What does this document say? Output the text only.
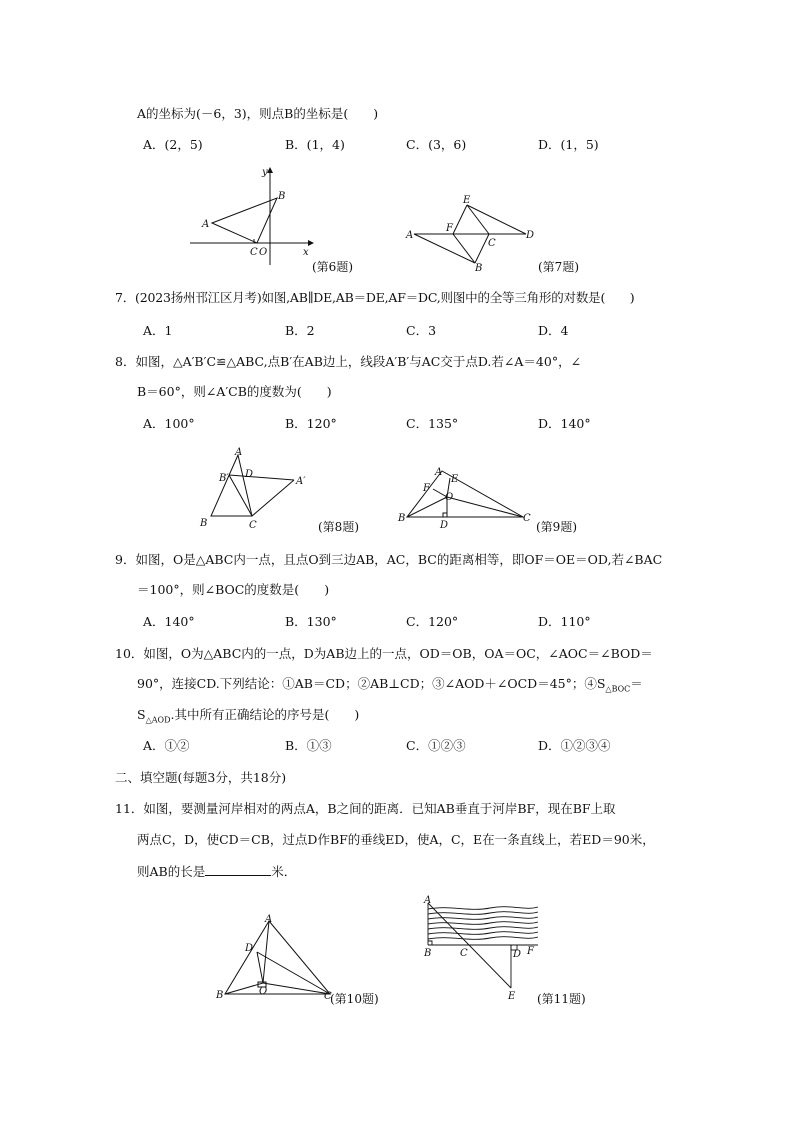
A的坐标为(－6，3)，则点B的坐标是(　　)
A．(2，5)	B．(1，4)	C．(3，6)	D．(1，5)
y
x
A
B
C O
(第6题)
A
B
C
D
E
F
(第7题)
7．(2023扬州邗江区月考)如图,AB∥DE,AB＝DE,AF＝DC,则图中的全等三角形的对数是(　　)
A．1	B．2	C．3	D．4
8．如图，△A′B′C≌△ABC,点B′在AB边上，线段A′B′与AC交于点D.若∠A＝40°，∠
B＝60°，则∠A′CB的度数为(　　)
A．100°	B．120°	C．135°	D．140°
A
B′ D
A′
B	C	(第8题)
A
E
F
O
B
D
C
(第9题)
9．如图，O是△ABC内一点，且点O到三边AB，AC，BC的距离相等，即OF＝OE＝OD,若∠BAC
＝100°，则∠BOC的度数是(　　)
A．140°	B．130°	C．120°	D．110°
10．如图，O为△ABC内的一点，D为AB边上的一点，OD＝OB，OA＝OC，∠AOC＝∠BOD＝
90°，连接CD.下列结论：①AB＝CD；②AB⊥CD；③∠AOD＋∠OCD＝45°；$④S_{\triangle BOC}=$
$S_{\triangle AOD}$.其中所有正确结论的序号是(　　)
A．①②	B．①③	C．①②③	D．①②③④
二、填空题(每题3分，共18分)
11．如图，要测量河岸相对的两点A，B之间的距离．已知AB垂直于河岸BF，现在BF上取
两点C，D，使CD＝CB，过点D作BF的垂线ED，使A，C，E在一条直线上，若ED＝90米，
则AB的长是	米．
A
D
B	O	C
(第10题)
A
B	C	D F
E (第11题)
